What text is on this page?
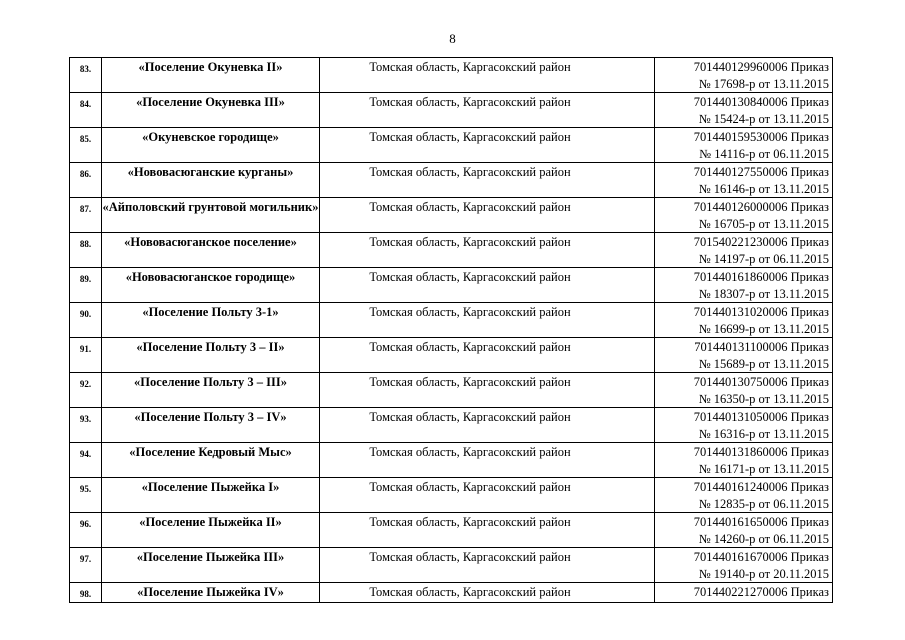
8
83.	«Поселение Окуневка II»	Томская область, Каргасокский район	701440129960006 Приказ
№ 17698-р от 13.11.2015

84.	«Поселение Окуневка III»	Томская область, Каргасокский район	701440130840006 Приказ
№ 15424-р от 13.11.2015

85.	«Окуневское городище»	Томская область, Каргасокский район	701440159530006 Приказ
№ 14116-р от 06.11.2015

86.	«Нововасюганские курганы»	Томская область, Каргасокский район	701440127550006 Приказ
№ 16146-р от 13.11.2015

87.	«Айполовский грунтовой могильник»	Томская область, Каргасокский район	701440126000006 Приказ
№ 16705-р от 13.11.2015

88.	«Нововасюганское поселение»	Томская область, Каргасокский район	701540221230006 Приказ
№ 14197-р от 06.11.2015

89.	«Нововасюганское городище»	Томская область, Каргасокский район	701440161860006 Приказ
№ 18307-р от 13.11.2015

90.	«Поселение Польту 3-1»	Томская область, Каргасокский район	701440131020006 Приказ
№ 16699-р от 13.11.2015

91.	«Поселение Польту 3 – II»	Томская область, Каргасокский район	701440131100006 Приказ
№ 15689-р от 13.11.2015

92.	«Поселение Польту 3 – III»	Томская область, Каргасокский район	701440130750006 Приказ
№ 16350-р от 13.11.2015

93.	«Поселение Польту 3 – IV»	Томская область, Каргасокский район	701440131050006 Приказ
№ 16316-р от 13.11.2015

94.	«Поселение Кедровый Мыс»	Томская область, Каргасокский район	701440131860006 Приказ
№ 16171-р от 13.11.2015

95.	«Поселение Пыжейка I»	Томская область, Каргасокский район	701440161240006 Приказ
№ 12835-р от 06.11.2015

96.	«Поселение Пыжейка II»	Томская область, Каргасокский район	701440161650006 Приказ
№ 14260-р от 06.11.2015

97.	«Поселение Пыжейка III»	Томская область, Каргасокский район	701440161670006 Приказ
№ 19140-р от 20.11.2015

98.	«Поселение Пыжейка IV»	Томская область, Каргасокский район	701440221270006 Приказ
